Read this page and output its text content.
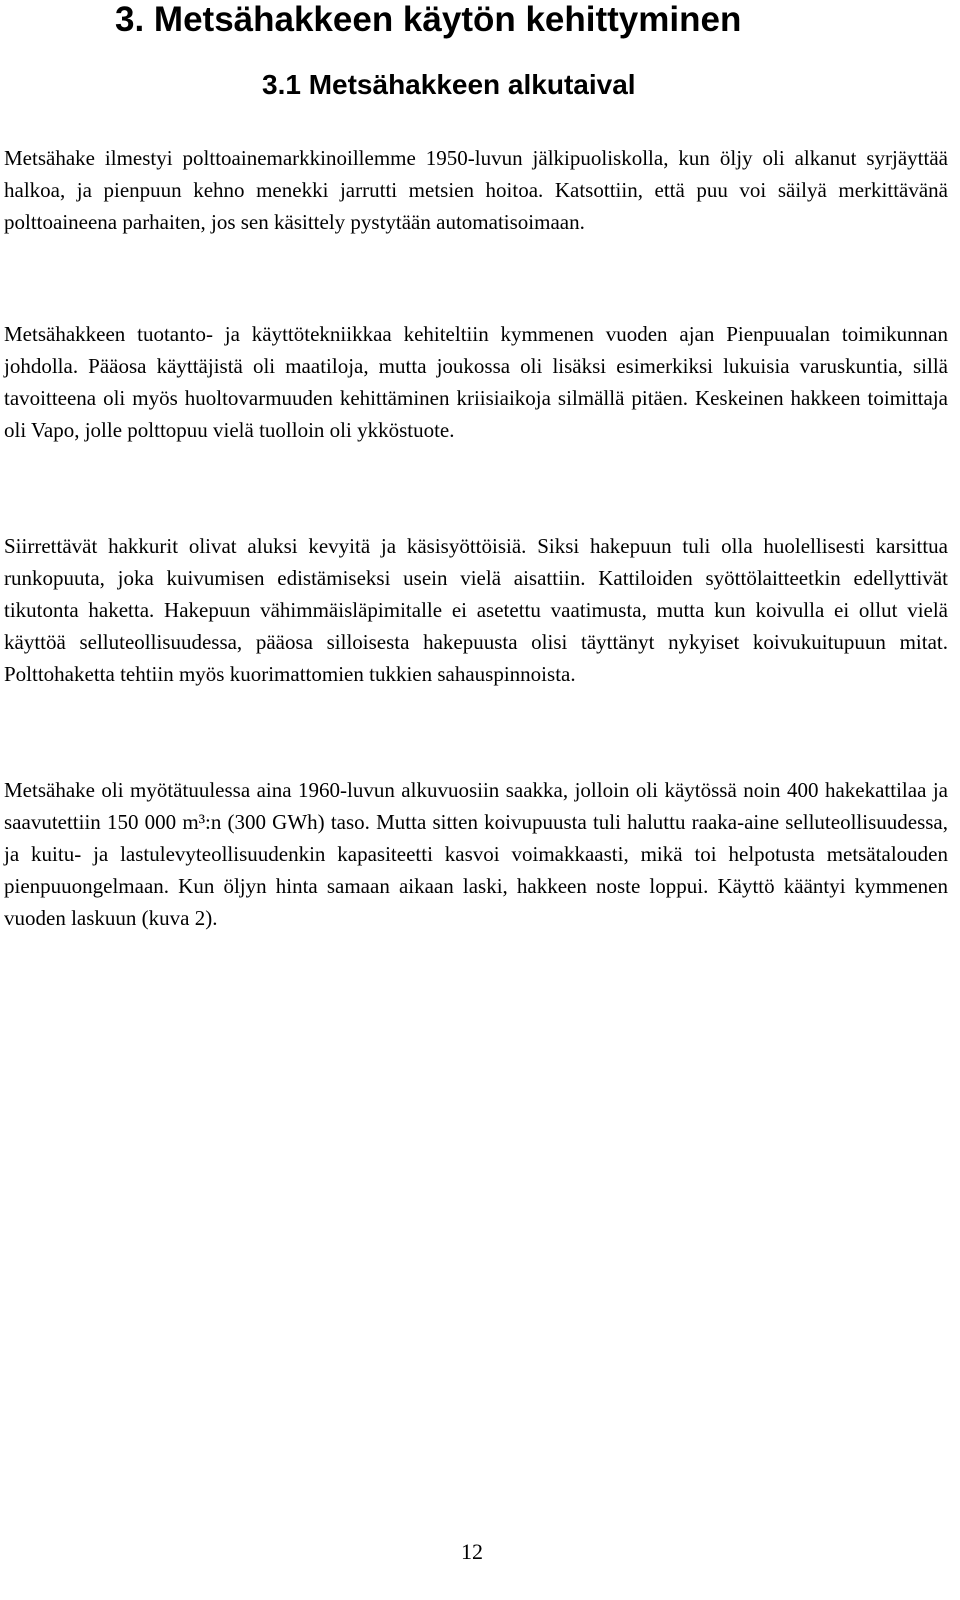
3. Metsähakkeen käytön kehittyminen
3.1 Metsähakkeen alkutaival

Metsähake ilmestyi polttoainemarkkinoillemme 1950-luvun jälkipuoliskolla, kun öljy oli alkanut syrjäyttää halkoa, ja pienpuun kehno menekki jarrutti metsien hoitoa. Katsottiin, että puu voi säilyä merkittävänä polttoaineena parhaiten, jos sen käsittely pystytään automatisoimaan.

Metsähakkeen tuotanto- ja käyttötekniikkaa kehiteltiin kymmenen vuoden ajan Pienpuualan toimikunnan johdolla. Pääosa käyttäjistä oli maatiloja, mutta joukossa oli lisäksi esimerkiksi lukuisia varuskuntia, sillä tavoitteena oli myös huoltovarmuuden kehittäminen kriisiaikoja silmällä pitäen. Keskeinen hakkeen toimittaja oli Vapo, jolle polttopuu vielä tuolloin oli ykköstuote.

Siirrettävät hakkurit olivat aluksi kevyitä ja käsisyöttöisiä. Siksi hakepuun tuli olla huolellisesti karsittua runkopuuta, joka kuivumisen edistämiseksi usein vielä aisattiin. Kattiloiden syöttölaitteetkin edellyttivät tikutonta haketta. Hakepuun vähimmäisläpimitalle ei asetettu vaatimusta, mutta kun koivulla ei ollut vielä käyttöä selluteollisuudessa, pääosa silloisesta hakepuusta olisi täyttänyt nykyiset koivukuitupuun mitat. Polttohaketta tehtiin myös kuorimattomien tukkien sahauspinnoista.

Metsähake oli myötätuulessa aina 1960-luvun alkuvuosiin saakka, jolloin oli käytössä noin 400 hakekattilaa ja saavutettiin 150 000 m³:n (300 GWh) taso. Mutta sitten koivupuusta tuli haluttu raaka-aine selluteollisuudessa, ja kuitu- ja lastulevyteollisuudenkin kapasiteetti kasvoi voimakkaasti, mikä toi helpotusta metsätalouden pienpuuongelmaan. Kun öljyn hinta samaan aikaan laski, hakkeen noste loppui. Käyttö kääntyi kymmenen vuoden laskuun (kuva 2).

12
